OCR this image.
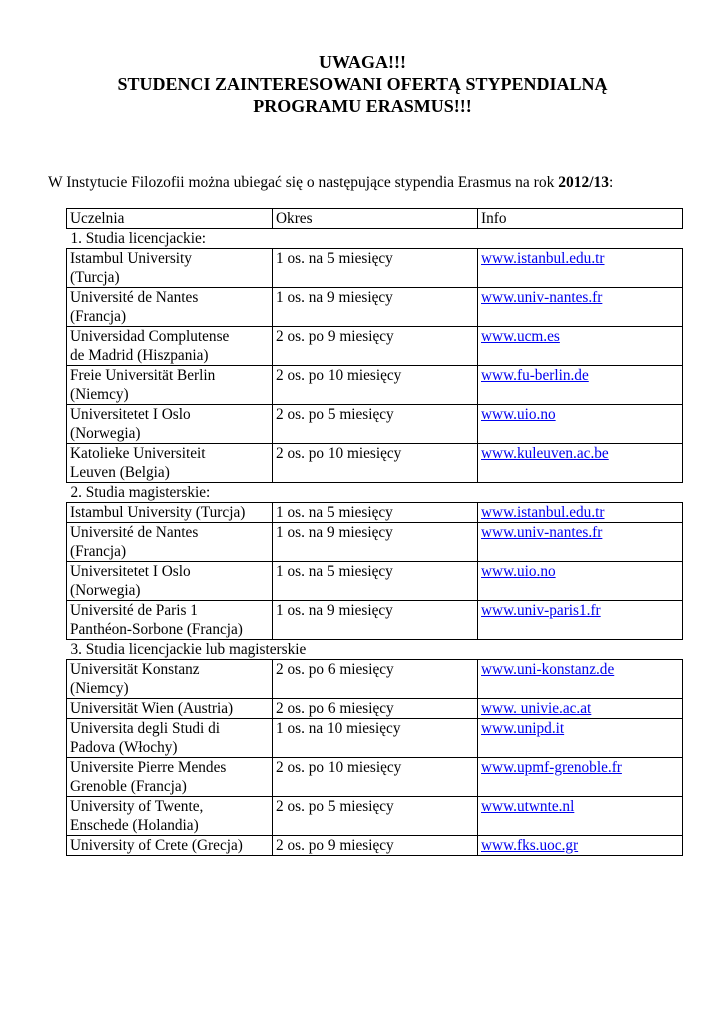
UWAGA!!!
STUDENCI ZAINTERESOWANI OFERTĄ STYPENDIALNĄ
PROGRAMU ERASMUS!!!
W Instytucie Filozofii można ubiegać się o następujące stypendia Erasmus na rok 2012/13:
Uczelnia	Okres	Info
1. Studia licencjackie:		

Istambul University
(Turcja)	1 os. na 5 miesięcy	www.istanbul.edu.tr

Université de Nantes
(Francja)	1 os. na 9 miesięcy	www.univ-nantes.fr

Universidad Complutense
de Madrid (Hiszpania)	2 os. po 9 miesięcy	www.ucm.es

Freie Universität Berlin
(Niemcy)	2 os. po 10 miesięcy	www.fu-berlin.de

Universitetet I Oslo
(Norwegia)	2 os. po 5 miesięcy	www.uio.no

Katolieke Universiteit
Leuven (Belgia)	2 os. po 10 miesięcy	www.kuleuven.ac.be
2. Studia magisterskie:		

Istambul University (Turcja)	1 os. na 5 miesięcy	www.istanbul.edu.tr

Université de Nantes
(Francja)	1 os. na 9 miesięcy	www.univ-nantes.fr

Universitetet I Oslo
(Norwegia)	1 os. na 5 miesięcy	www.uio.no

Université de Paris 1
Panthéon-Sorbone (Francja)	1 os. na 9 miesięcy	www.univ-paris1.fr
3. Studia licencjackie lub magisterskie		

Universität Konstanz
(Niemcy)	2 os. po 6 miesięcy	www.uni-konstanz.de

Universität Wien (Austria)	2 os. po 6 miesięcy	www. univie.ac.at

Universita degli Studi di
Padova (Włochy)	1 os. na 10 miesięcy	www.unipd.it

Universite Pierre Mendes
Grenoble (Francja)	2 os. po 10 miesięcy	www.upmf-grenoble.fr

University of Twente,
Enschede (Holandia)	2 os. po 5 miesięcy	www.utwnte.nl

University of Crete (Grecja)	2 os. po 9 miesięcy	www.fks.uoc.gr
